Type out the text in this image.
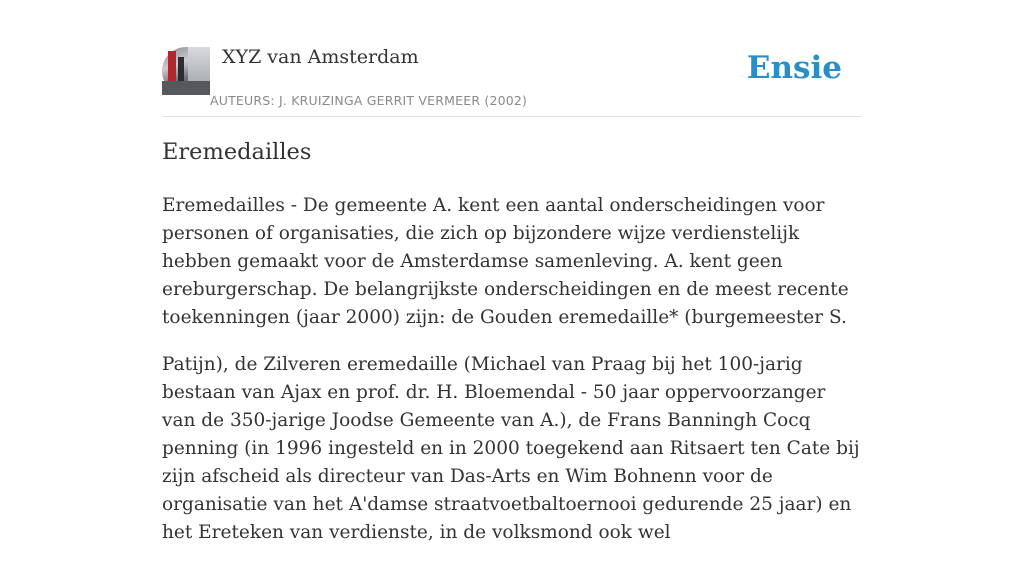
XYZ van Amsterdam
AUTEURS: J. KRUIZINGA GERRIT VERMEER (2002)
Ensie
Eremedailles

Eremedailles - De gemeente A. kent een aantal onderscheidingen voor personen of organisaties, die zich op bijzondere wijze verdienstelijk hebben gemaakt voor de Amsterdamse samenleving. A. kent geen ereburgerschap. De belangrijkste onderscheidingen en de meest recente toekenningen (jaar 2000) zijn: de Gouden eremedaille* (burgemeester S.

Patijn), de Zilveren eremedaille (Michael van Praag bij het 100-jarig bestaan van Ajax en prof. dr. H. Bloemendal - 50 jaar oppervoorzanger van de 350-jarige Joodse Gemeente van A.), de Frans Banningh Cocq penning (in 1996 ingesteld en in 2000 toegekend aan Ritsaert ten Cate bij zijn afscheid als directeur van Das-Arts en Wim Bohnenn voor de organisatie van het A'damse straatvoetbaltoernooi gedurende 25 jaar) en het Ereteken van verdienste, in de volksmond ook wel
